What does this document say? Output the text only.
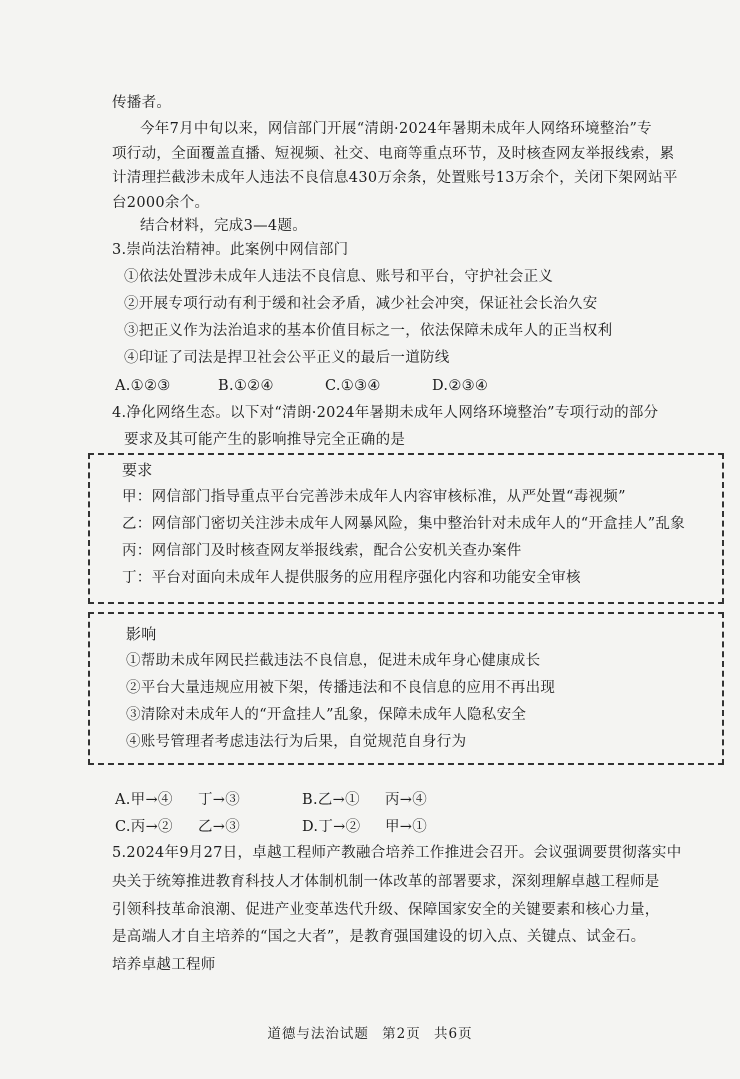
传播者。
今年7月中旬以来，网信部门开展“清朗·2024年暑期未成年人网络环境整治”专
项行动，全面覆盖直播、短视频、社交、电商等重点环节，及时核查网友举报线索，累
计清理拦截涉未成年人违法不良信息430万余条，处置账号13万余个，关闭下架网站平
台2000余个。
结合材料，完成3—4题。
3.崇尚法治精神。此案例中网信部门
①依法处置涉未成年人违法不良信息、账号和平台，守护社会正义
②开展专项行动有利于缓和社会矛盾，减少社会冲突，保证社会长治久安
③把正义作为法治追求的基本价值目标之一，依法保障未成年人的正当权利
④印证了司法是捍卫社会公平正义的最后一道防线
A.①②③	B.①②④	C.①③④	D.②③④
4.净化网络生态。以下对“清朗·2024年暑期未成年人网络环境整治”专项行动的部分
要求及其可能产生的影响推导完全正确的是
要求
甲：网信部门指导重点平台完善涉未成年人内容审核标准，从严处置“毒视频”
乙：网信部门密切关注涉未成年人网暴风险，集中整治针对未成年人的“开盒挂人”乱象
丙：网信部门及时核查网友举报线索，配合公安机关查办案件
丁：平台对面向未成年人提供服务的应用程序强化内容和功能安全审核
影响
①帮助未成年网民拦截违法不良信息，促进未成年身心健康成长
②平台大量违规应用被下架，传播违法和不良信息的应用不再出现
③清除对未成年人的“开盒挂人”乱象，保障未成年人隐私安全
④账号管理者考虑违法行为后果，自觉规范自身行为
A.甲→④ 丁→③	B.乙→① 丙→④
C.丙→② 乙→③	D.丁→② 甲→①
5.2024年9月27日，卓越工程师产教融合培养工作推进会召开。会议强调要贯彻落实中
央关于统筹推进教育科技人才体制机制一体改革的部署要求，深刻理解卓越工程师是
引领科技革命浪潮、促进产业变革迭代升级、保障国家安全的关键要素和核心力量，
是高端人才自主培养的“国之大者”，是教育强国建设的切入点、关键点、试金石。
培养卓越工程师
道德与法治试题 第2页 共6页
